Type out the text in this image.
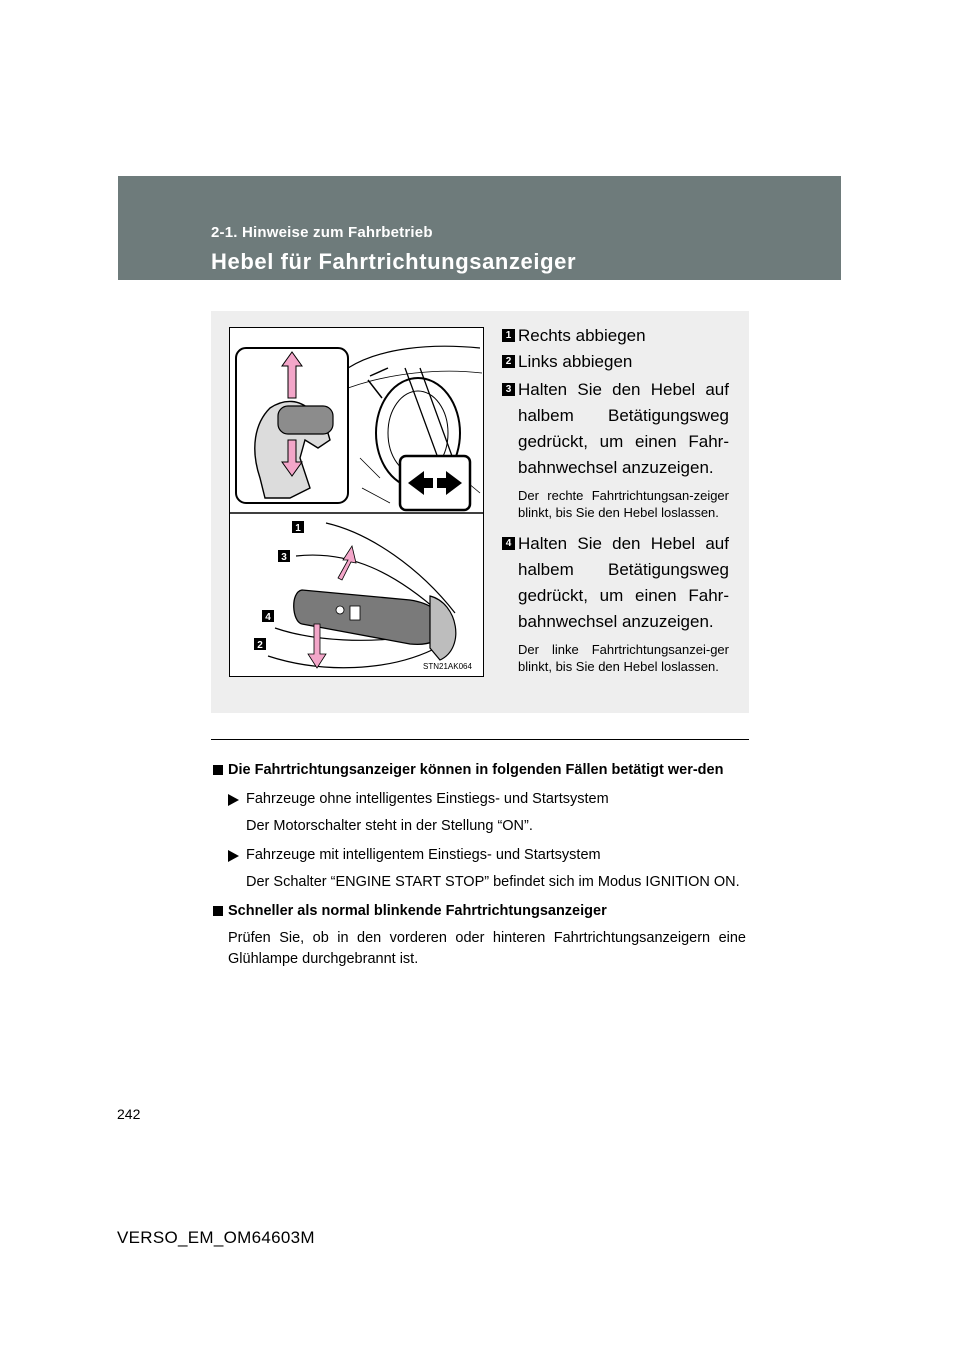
2-1. Hinweise zum Fahrbetrieb
Hebel für Fahrtrichtungsanzeiger
1
3
4
2
STN21AK064
1 Rechts abbiegen
2 Links abbiegen
3 Halten Sie den Hebel auf halbem Betätigungsweg gedrückt, um einen Fahr-bahnwechsel anzuzeigen.
Der rechte Fahrtrichtungsan-zeiger blinkt, bis Sie den Hebel loslassen.
4 Halten Sie den Hebel auf halbem Betätigungsweg gedrückt, um einen Fahr-bahnwechsel anzuzeigen.
Der linke Fahrtrichtungsanzei-ger blinkt, bis Sie den Hebel loslassen.
Die Fahrtrichtungsanzeiger können in folgenden Fällen betätigt wer-den
Fahrzeuge ohne intelligentes Einstiegs- und Startsystem
Der Motorschalter steht in der Stellung “ON”.
Fahrzeuge mit intelligentem Einstiegs- und Startsystem
Der Schalter “ENGINE START STOP” befindet sich im Modus IGNITION ON.
Schneller als normal blinkende Fahrtrichtungsanzeiger
Prüfen Sie, ob in den vorderen oder hinteren Fahrtrichtungsanzeigern eine Glühlampe durchgebrannt ist.
242
VERSO_EM_OM64603M
